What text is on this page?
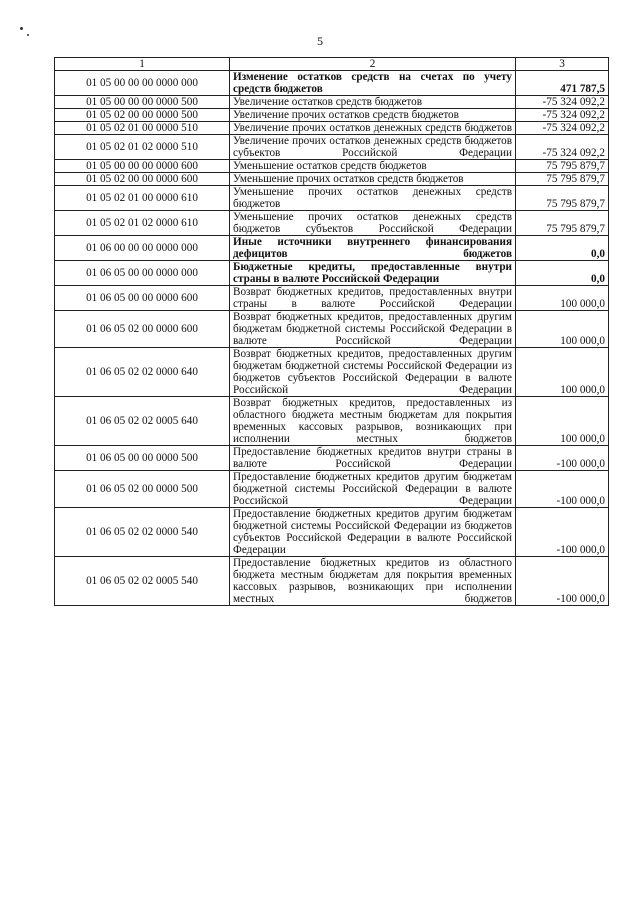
5
1	2	3
01 05 00 00 00 0000 000	Изменение остатков средств на счетах по учету средств бюджетов	471 787,5
01 05 00 00 00 0000 500	Увеличение остатков средств бюджетов	-75 324 092,2
01 05 02 00 00 0000 500	Увеличение прочих остатков средств бюджетов	-75 324 092,2
01 05 02 01 00 0000 510	Увеличение прочих остатков денежных средств бюджетов	-75 324 092,2
01 05 02 01 02 0000 510	Увеличение прочих остатков денежных средств бюджетов субъектов Российской Федерации	-75 324 092,2
01 05 00 00 00 0000 600	Уменьшение остатков средств бюджетов	75 795 879,7
01 05 02 00 00 0000 600	Уменьшение прочих остатков средств бюджетов	75 795 879,7
01 05 02 01 00 0000 610	Уменьшение прочих остатков денежных средств бюджетов	75 795 879,7
01 05 02 01 02 0000 610	Уменьшение прочих остатков денежных средств бюджетов субъектов Российской Федерации	75 795 879,7
01 06 00 00 00 0000 000	Иные источники внутреннего финансирования дефицитов бюджетов	0,0
01 06 05 00 00 0000 000	Бюджетные кредиты, предоставленные внутри страны в валюте Российской Федерации	0,0
01 06 05 00 00 0000 600	Возврат бюджетных кредитов, предоставленных внутри страны в валюте Российской Федерации	100 000,0
01 06 05 02 00 0000 600	Возврат бюджетных кредитов, предоставленных другим бюджетам бюджетной системы Российской Федерации в валюте Российской Федерации	100 000,0
01 06 05 02 02 0000 640	Возврат бюджетных кредитов, предоставленных другим бюджетам бюджетной системы Российской Федерации из бюджетов субъектов Российской Федерации в валюте Российской Федерации	100 000,0
01 06 05 02 02 0005 640	Возврат бюджетных кредитов, предоставленных из областного бюджета местным бюджетам для покрытия временных кассовых разрывов, возникающих при исполнении местных бюджетов	100 000,0
01 06 05 00 00 0000 500	Предоставление бюджетных кредитов внутри страны в валюте Российской Федерации	-100 000,0
01 06 05 02 00 0000 500	Предоставление бюджетных кредитов другим бюджетам бюджетной системы Российской Федерации в валюте Российской Федерации	-100 000,0
01 06 05 02 02 0000 540	Предоставление бюджетных кредитов другим бюджетам бюджетной системы Российской Федерации из бюджетов субъектов Российской Федерации в валюте Российской Федерации	-100 000,0
01 06 05 02 02 0005 540	Предоставление бюджетных кредитов из областного бюджета местным бюджетам для покрытия временных кассовых разрывов, возникающих при исполнении местных бюджетов	-100 000,0
